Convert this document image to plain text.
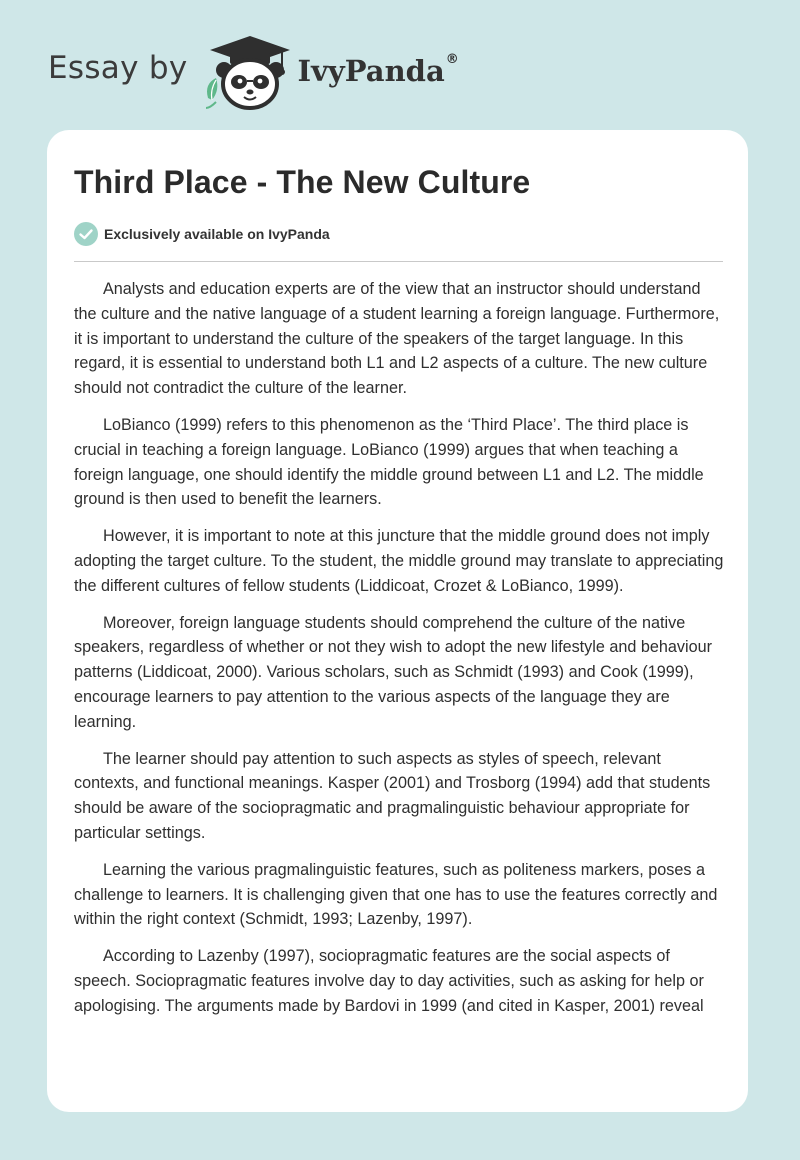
Essay by	IvyPanda®
Third Place - The New Culture
Exclusively available on IvyPanda

Analysts and education experts are of the view that an instructor should understand the culture and the native language of a student learning a foreign language. Furthermore, it is important to understand the culture of the speakers of the target language. In this regard, it is essential to understand both L1 and L2 aspects of a culture. The new culture should not contradict the culture of the learner.

LoBianco (1999) refers to this phenomenon as the ‘Third Place’. The third place is crucial in teaching a foreign language. LoBianco (1999) argues that when teaching a foreign language, one should identify the middle ground between L1 and L2. The middle ground is then used to benefit the learners.

However, it is important to note at this juncture that the middle ground does not imply adopting the target culture. To the student, the middle ground may translate to appreciating the different cultures of fellow students (Liddicoat, Crozet & LoBianco, 1999).

Moreover, foreign language students should comprehend the culture of the native speakers, regardless of whether or not they wish to adopt the new lifestyle and behaviour patterns (Liddicoat, 2000). Various scholars, such as Schmidt (1993) and Cook (1999), encourage learners to pay attention to the various aspects of the language they are learning.

The learner should pay attention to such aspects as styles of speech, relevant contexts, and functional meanings. Kasper (2001) and Trosborg (1994) add that students should be aware of the sociopragmatic and pragmalinguistic behaviour appropriate for particular settings.

Learning the various pragmalinguistic features, such as politeness markers, poses a challenge to learners. It is challenging given that one has to use the features correctly and within the right context (Schmidt, 1993; Lazenby, 1997).

According to Lazenby (1997), sociopragmatic features are the social aspects of speech. Sociopragmatic features involve day to day activities, such as asking for help or apologising. The arguments made by Bardovi in 1999 (and cited in Kasper, 2001) reveal
